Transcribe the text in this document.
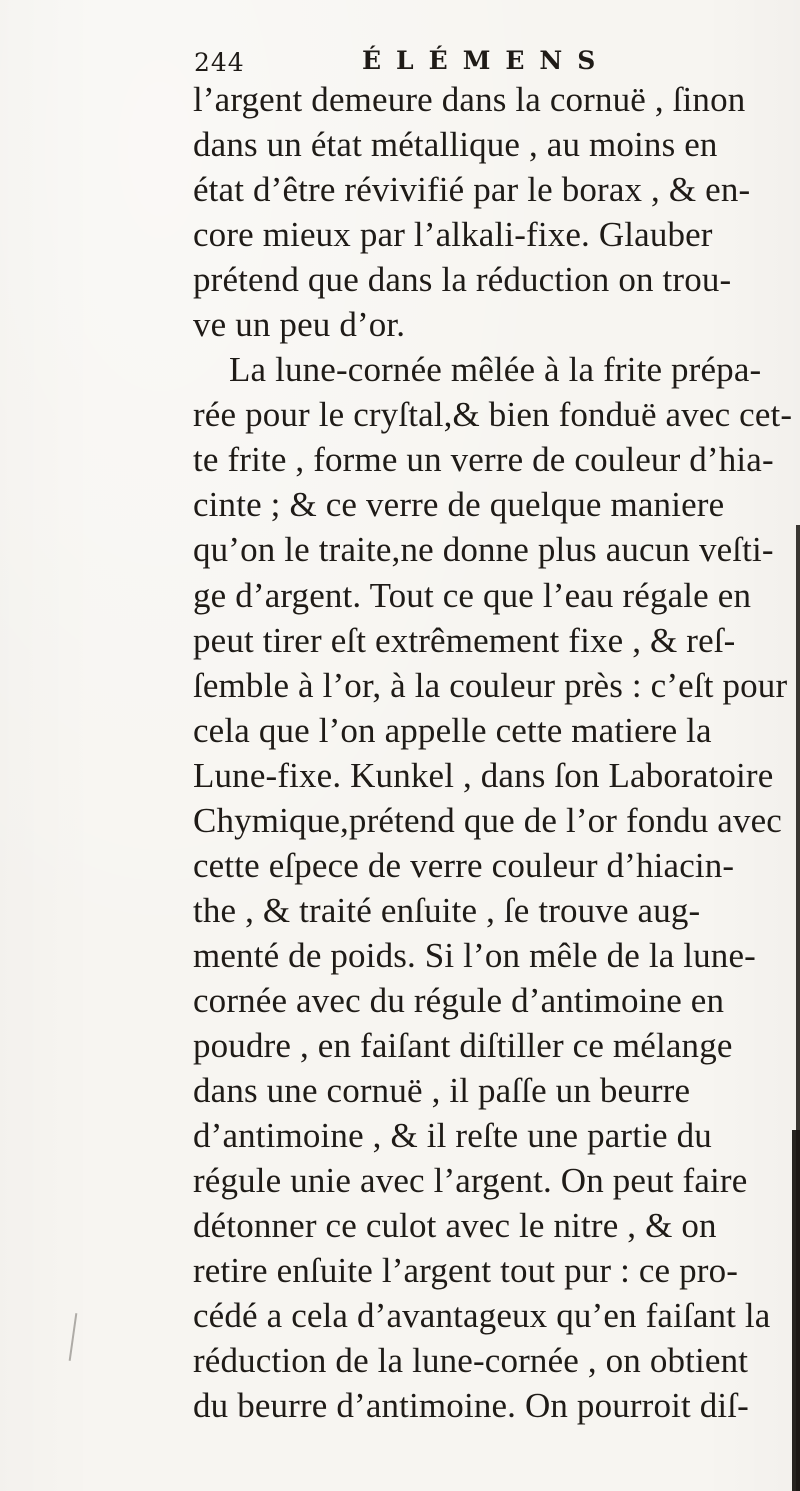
244	ÉLÉMENS
l’argent demeure dans la cornuë , ſinon
dans un état métallique , au moins en
état d’être révivifié par le borax , & en-
core mieux par l’alkali-fixe. Glauber
prétend que dans la réduction on trou-
ve un peu d’or.
La lune-cornée mêlée à la frite prépa-
rée pour le cryſtal,& bien fonduë avec cet-
te frite , forme un verre de couleur d’hia-
cinte ; & ce verre de quelque maniere
qu’on le traite,ne donne plus aucun veſti-
ge d’argent. Tout ce que l’eau régale en
peut tirer eſt extrêmement fixe , & reſ-
ſemble à l’or, à la couleur près : c’eſt pour
cela que l’on appelle cette matiere la
Lune-fixe. Kunkel , dans ſon Laboratoire
Chymique,prétend que de l’or fondu avec
cette eſpece de verre couleur d’hiacin-
the , & traité enſuite , ſe trouve aug-
menté de poids. Si l’on mêle de la lune-
cornée avec du régule d’antimoine en
poudre , en faiſant diſtiller ce mélange
dans une cornuë , il paſſe un beurre
d’antimoine , & il reſte une partie du
régule unie avec l’argent. On peut faire
détonner ce culot avec le nitre , & on
retire enſuite l’argent tout pur : ce pro-
cédé a cela d’avantageux qu’en faiſant la
réduction de la lune-cornée , on obtient
du beurre d’antimoine. On pourroit diſ-
